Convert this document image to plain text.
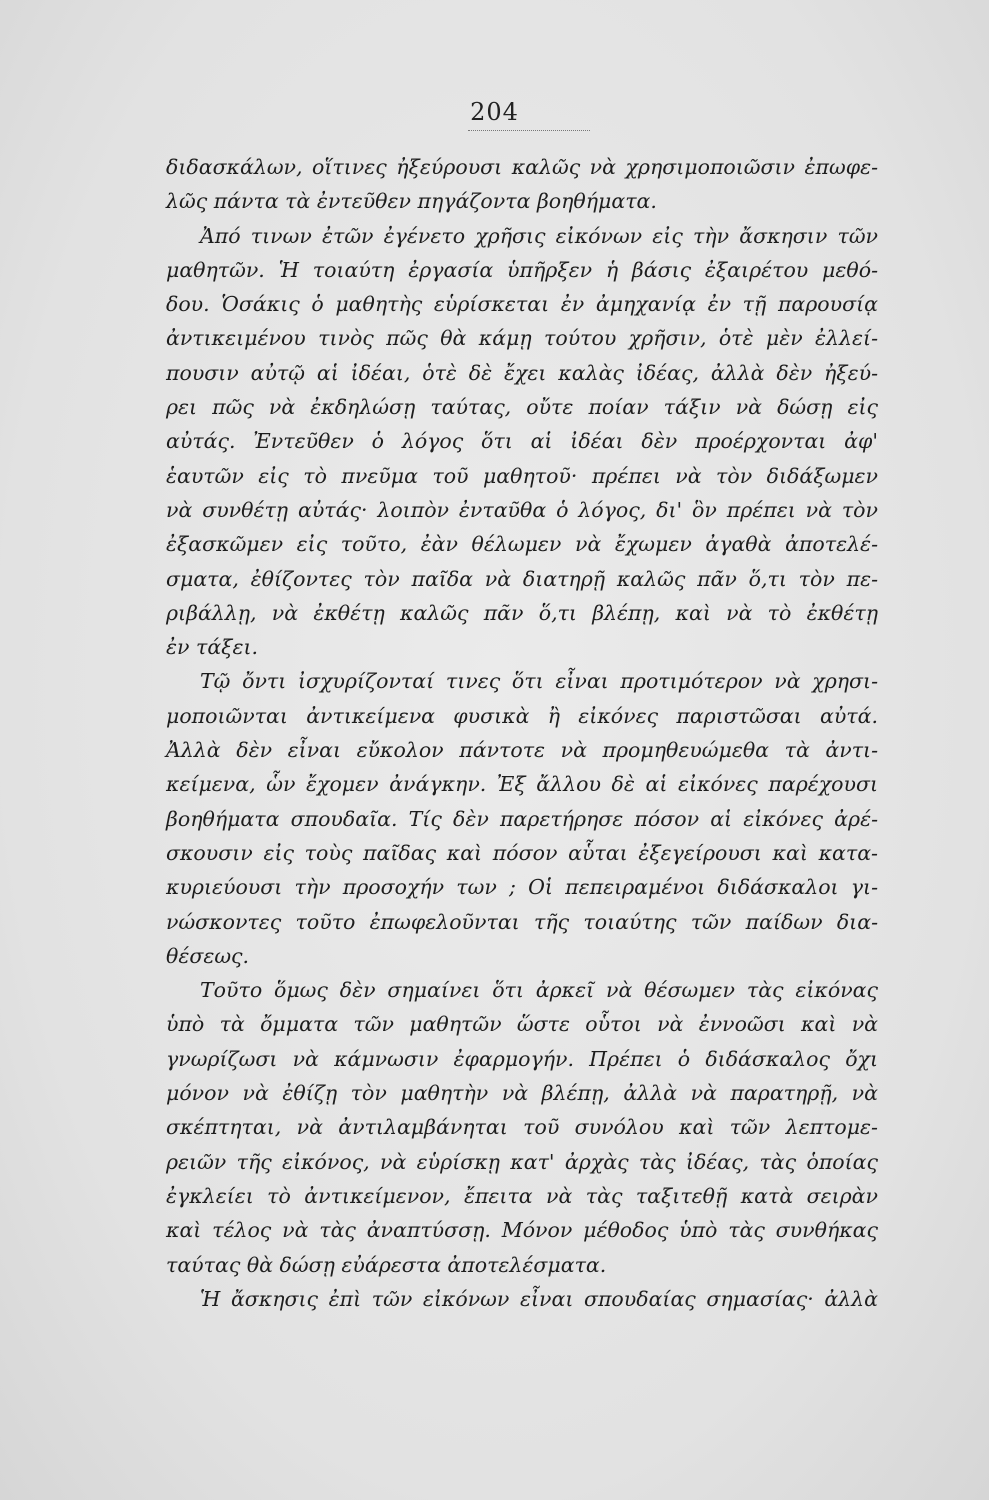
204
διδασκάλων, οἵτινες ἠξεύρουσι καλῶς νὰ χρησιμοποιῶσιν ἐπωφε-
λῶς πάντα τὰ ἐντεῦθεν πηγάζοντα βοηθήματα.
Ἀπό τινων ἐτῶν ἐγένετο χρῆσις εἰκόνων εἰς τὴν ἄσκησιν τῶν
μαθητῶν. Ἡ τοιαύτη ἐργασία ὑπῆρξεν ἡ βάσις ἐξαιρέτου μεθό-
δου. Ὁσάκις ὁ μαθητὴς εὑρίσκεται ἐν ἀμηχανίᾳ ἐν τῇ παρουσίᾳ
ἀντικειμένου τινὸς πῶς θὰ κάμῃ τούτου χρῆσιν, ὁτὲ μὲν ἐλλεί-
πουσιν αὐτῷ αἱ ἰδέαι, ὁτὲ δὲ ἔχει καλὰς ἰδέας, ἀλλὰ δὲν ἠξεύ-
ρει πῶς νὰ ἐκδηλώσῃ ταύτας, οὔτε ποίαν τάξιν νὰ δώσῃ εἰς
αὐτάς. Ἐντεῦθεν ὁ λόγος ὅτι αἱ ἰδέαι δὲν προέρχονται ἀφ'
ἑαυτῶν εἰς τὸ πνεῦμα τοῦ μαθητοῦ· πρέπει νὰ τὸν διδάξωμεν
νὰ συνθέτῃ αὐτάς· λοιπὸν ἐνταῦθα ὁ λόγος, δι' ὃν πρέπει νὰ τὸν
ἐξασκῶμεν εἰς τοῦτο, ἐὰν θέλωμεν νὰ ἔχωμεν ἀγαθὰ ἀποτελέ-
σματα, ἐθίζοντες τὸν παῖδα νὰ διατηρῇ καλῶς πᾶν ὅ,τι τὸν πε-
ριβάλλῃ, νὰ ἐκθέτῃ καλῶς πᾶν ὅ,τι βλέπῃ, καὶ νὰ τὸ ἐκθέτῃ
ἐν τάξει.
Τῷ ὄντι ἰσχυρίζονταί τινες ὅτι εἶναι προτιμότερον νὰ χρησι-
μοποιῶνται ἀντικείμενα φυσικὰ ἢ εἰκόνες παριστῶσαι αὐτά.
Ἀλλὰ δὲν εἶναι εὔκολον πάντοτε νὰ προμηθευώμεθα τὰ ἀντι-
κείμενα, ὧν ἔχομεν ἀνάγκην. Ἐξ ἄλλου δὲ αἱ εἰκόνες παρέχουσι
βοηθήματα σπουδαῖα. Τίς δὲν παρετήρησε πόσον αἱ εἰκόνες ἀρέ-
σκουσιν εἰς τοὺς παῖδας καὶ πόσον αὗται ἐξεγείρουσι καὶ κατα-
κυριεύουσι τὴν προσοχήν των ; Οἱ πεπειραμένοι διδάσκαλοι γι-
νώσκοντες τοῦτο ἐπωφελοῦνται τῆς τοιαύτης τῶν παίδων δια-
θέσεως.
Τοῦτο ὅμως δὲν σημαίνει ὅτι ἀρκεῖ νὰ θέσωμεν τὰς εἰκόνας
ὑπὸ τὰ ὄμματα τῶν μαθητῶν ὥστε οὗτοι νὰ ἐννοῶσι καὶ νὰ
γνωρίζωσι νὰ κάμνωσιν ἐφαρμογήν. Πρέπει ὁ διδάσκαλος ὄχι
μόνον νὰ ἐθίζῃ τὸν μαθητὴν νὰ βλέπῃ, ἀλλὰ νὰ παρατηρῇ, νὰ
σκέπτηται, νὰ ἀντιλαμβάνηται τοῦ συνόλου καὶ τῶν λεπτομε-
ρειῶν τῆς εἰκόνος, νὰ εὑρίσκῃ κατ' ἀρχὰς τὰς ἰδέας, τὰς ὁποίας
ἐγκλείει τὸ ἀντικείμενον, ἔπειτα νὰ τὰς ταξιτεθῇ κατὰ σειρὰν
καὶ τέλος νὰ τὰς ἀναπτύσσῃ. Μόνον μέθοδος ὑπὸ τὰς συνθήκας
ταύτας θὰ δώσῃ εὐάρεστα ἀποτελέσματα.
Ἡ ἄσκησις ἐπὶ τῶν εἰκόνων εἶναι σπουδαίας σημασίας· ἀλλὰ
